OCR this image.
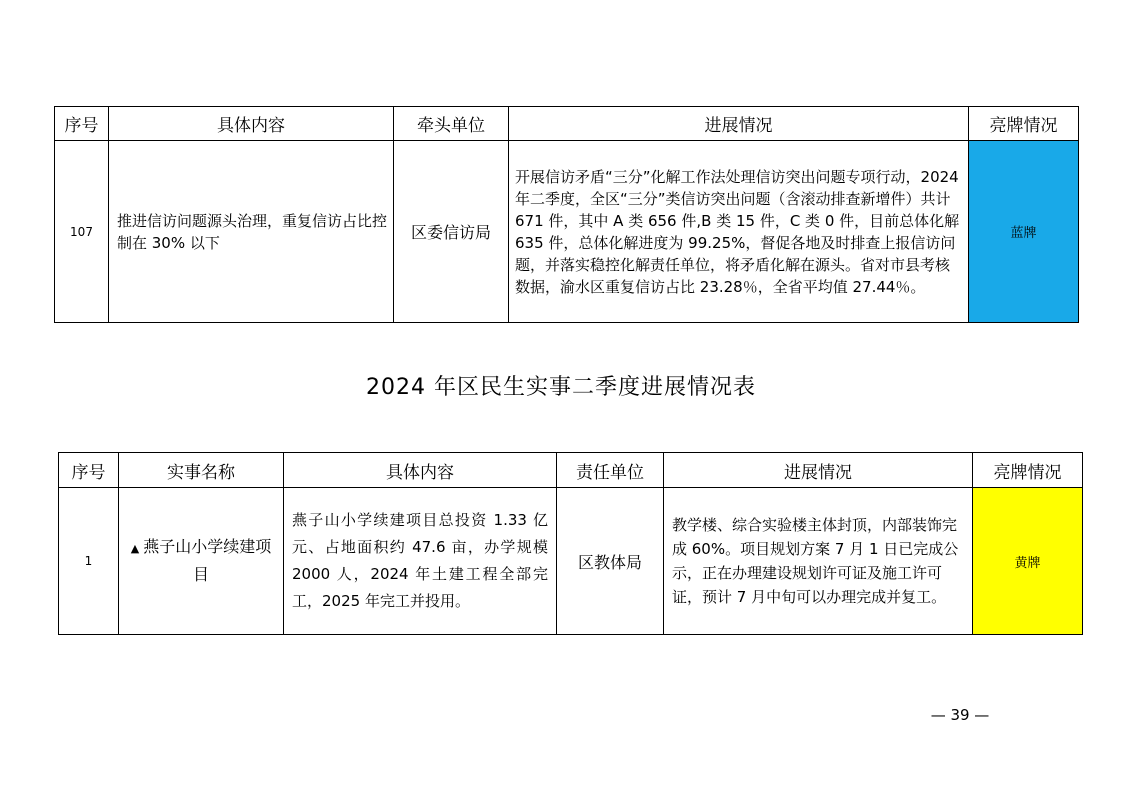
序号	具体内容	牵头单位	进展情况	亮牌情况
107	推进信访问题源头治理，重复信访占比控制在 30% 以下	区委信访局	开展信访矛盾“三分”化解工作法处理信访突出问题专项行动，2024 年二季度，全区“三分”类信访突出问题（含滚动排查新增件）共计 671 件，其中 A 类 656 件,B 类 15 件，C 类 0 件，目前总体化解 635 件，总体化解进度为 99.25%，督促各地及时排查上报信访问题，并落实稳控化解责任单位，将矛盾化解在源头。省对市县考核数据，渝水区重复信访占比 23.28％，全省平均值 27.44％。	蓝牌
2024 年区民生实事二季度进展情况表
序号	实事名称	具体内容	责任单位	进展情况	亮牌情况
1	▲ 燕子山小学续建项目	燕子山小学续建项目总投资 1.33 亿元、占地面积约 47.6 亩，办学规模 2000 人，2024 年土建工程全部完工，2025 年完工并投用。	区教体局	教学楼、综合实验楼主体封顶，内部装饰完成 60%。项目规划方案 7 月 1 日已完成公示，正在办理建设规划许可证及施工许可证，预计 7 月中旬可以办理完成并复工。	黄牌
— 39 —
